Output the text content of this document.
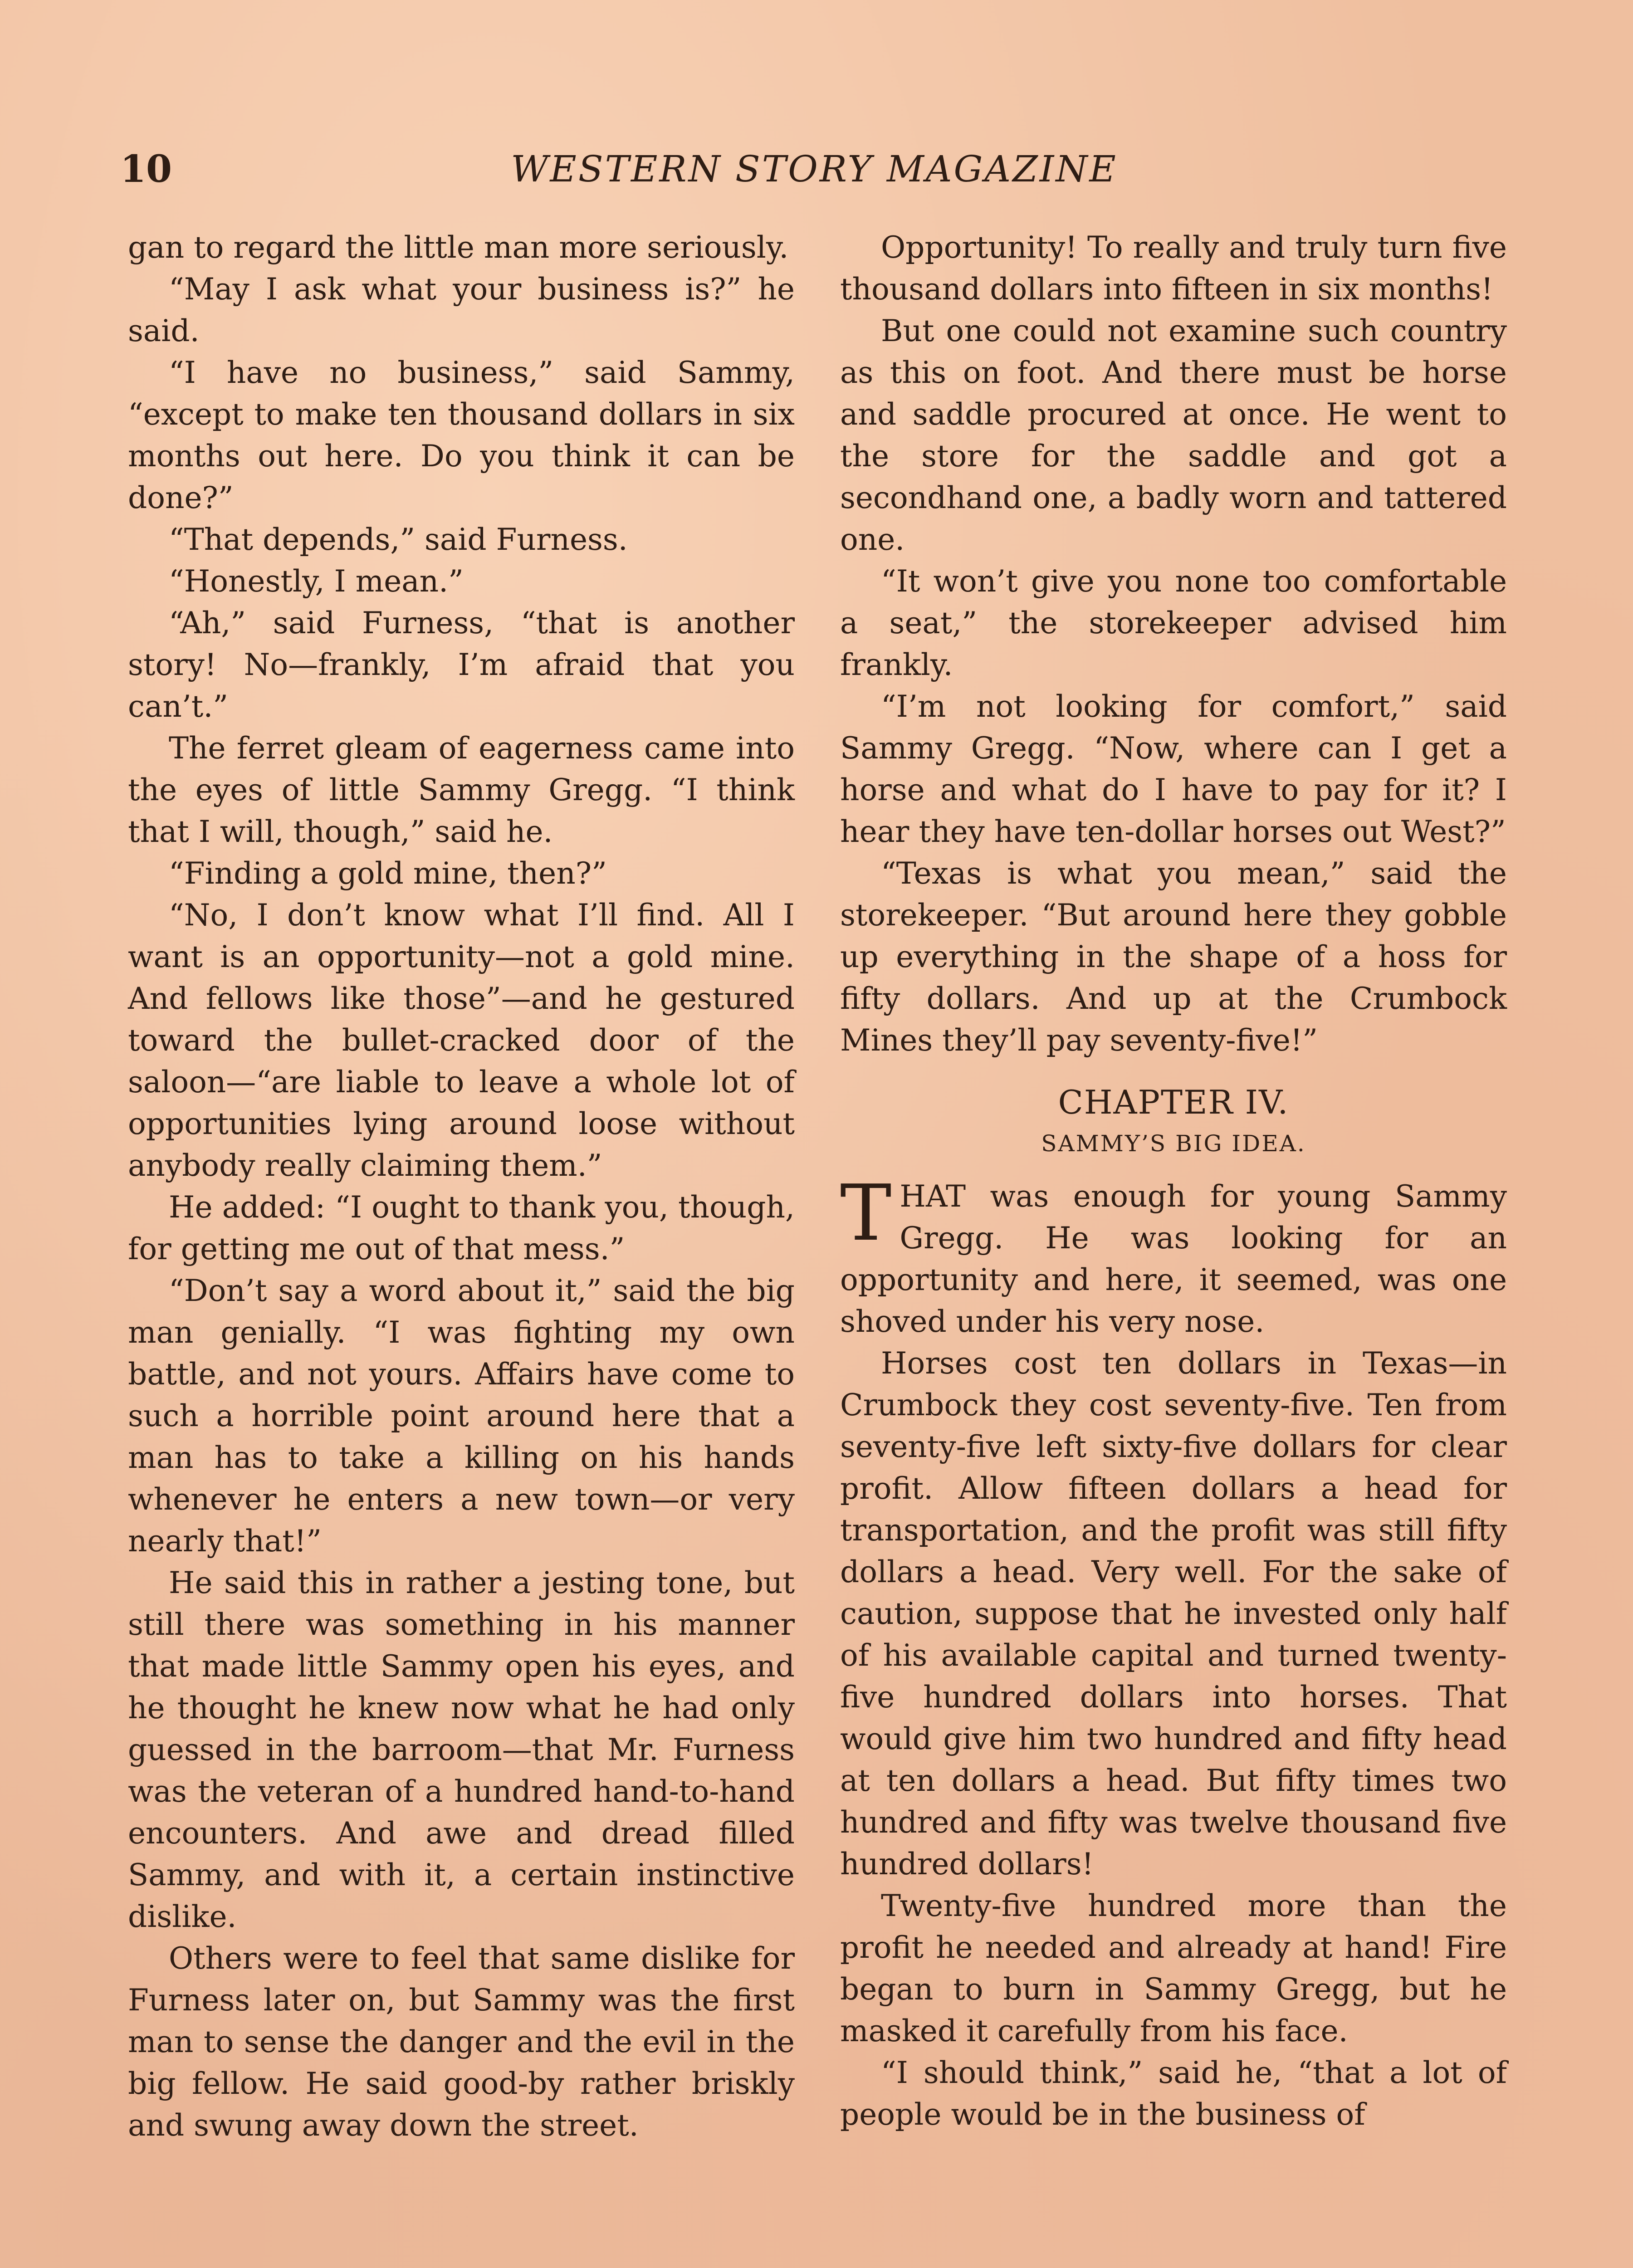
10	WESTERN STORY MAGAZINE

gan to regard the little man more seriously.

“May I ask what your business is?” he said.

“I have no business,” said Sammy, “except to make ten thousand dollars in six months out here. Do you think it can be done?”

“That depends,” said Furness.

“Honestly, I mean.”

“Ah,” said Furness, “that is another story! No—frankly, I’m afraid that you can’t.”

The ferret gleam of eagerness came into the eyes of little Sammy Gregg. “I think that I will, though,” said he.

“Finding a gold mine, then?”

“No, I don’t know what I’ll find. All I want is an opportunity—not a gold mine. And fellows like those”—and he gestured toward the bullet-cracked door of the saloon—“are liable to leave a whole lot of opportunities lying around loose without anybody really claiming them.”

He added: “I ought to thank you, though, for getting me out of that mess.”

“Don’t say a word about it,” said the big man genially. “I was fighting my own battle, and not yours. Affairs have come to such a horrible point around here that a man has to take a killing on his hands whenever he enters a new town—or very nearly that!”

He said this in rather a jesting tone, but still there was something in his manner that made little Sammy open his eyes, and he thought he knew now what he had only guessed in the barroom—that Mr. Furness was the veteran of a hundred hand-to-hand encounters. And awe and dread filled Sammy, and with it, a certain instinctive dislike.

Others were to feel that same dislike for Furness later on, but Sammy was the first man to sense the danger and the evil in the big fellow. He said good-by rather briskly and swung away down the street.

Opportunity! To really and truly turn five thousand dollars into fifteen in six months!

But one could not examine such country as this on foot. And there must be horse and saddle procured at once. He went to the store for the saddle and got a secondhand one, a badly worn and tattered one.

“It won’t give you none too comfortable a seat,” the storekeeper advised him frankly.

“I’m not looking for comfort,” said Sammy Gregg. “Now, where can I get a horse and what do I have to pay for it? I hear they have ten-dollar horses out West?”

“Texas is what you mean,” said the storekeeper. “But around here they gobble up everything in the shape of a hoss for fifty dollars. And up at the Crumbock Mines they’ll pay seventy-five!”

CHAPTER IV.
SAMMY’S BIG IDEA.

THAT was enough for young Sammy Gregg. He was looking for an opportunity and here, it seemed, was one shoved under his very nose.

Horses cost ten dollars in Texas—in Crumbock they cost seventy-five. Ten from seventy-five left sixty-five dollars for clear profit. Allow fifteen dollars a head for transportation, and the profit was still fifty dollars a head. Very well. For the sake of caution, suppose that he invested only half of his available capital and turned twenty-five hundred dollars into horses. That would give him two hundred and fifty head at ten dollars a head. But fifty times two hundred and fifty was twelve thousand five hundred dollars!

Twenty-five hundred more than the profit he needed and already at hand! Fire began to burn in Sammy Gregg, but he masked it carefully from his face.

“I should think,” said he, “that a lot of people would be in the business of
